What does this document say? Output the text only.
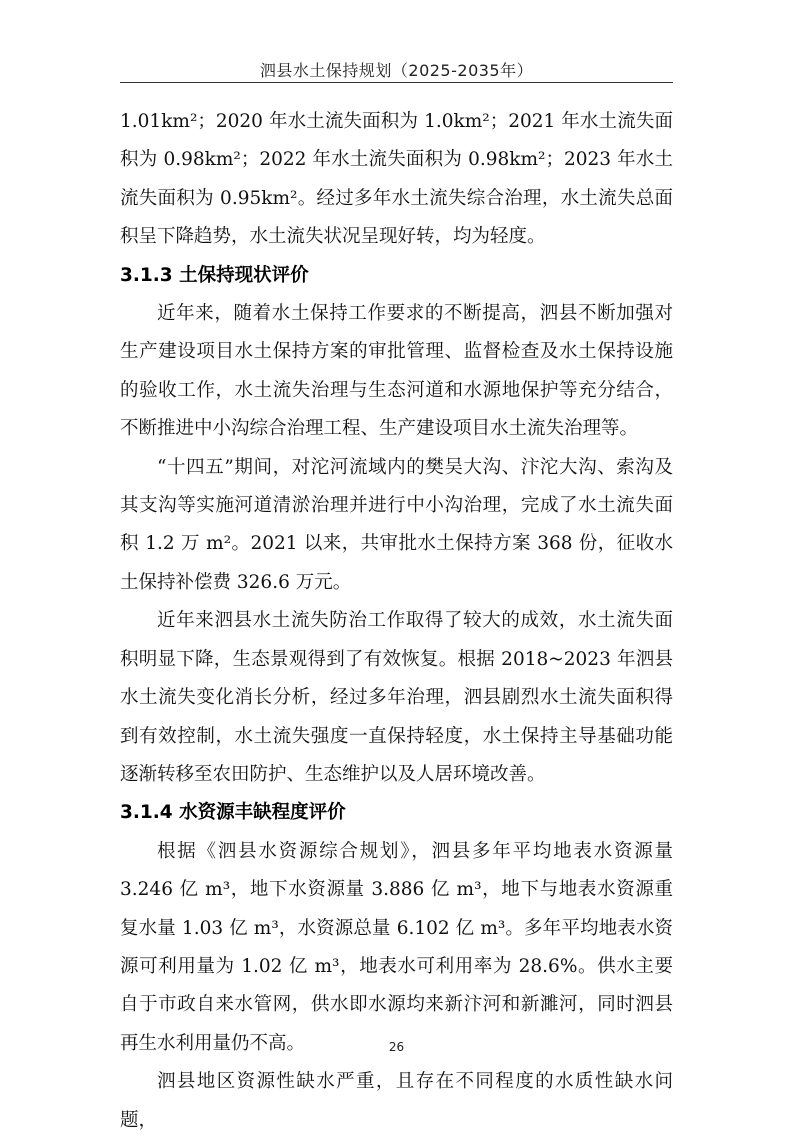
泗县水土保持规划（2025-2035年）

1.01km²；2020 年水土流失面积为 1.0km²；2021 年水土流失面积为 0.98km²；2022 年水土流失面积为 0.98km²；2023 年水土流失面积为 0.95km²。经过多年水土流失综合治理，水土流失总面积呈下降趋势，水土流失状况呈现好转，均为轻度。

3.1.3 土保持现状评价

近年来，随着水土保持工作要求的不断提高，泗县不断加强对生产建设项目水土保持方案的审批管理、监督检查及水土保持设施的验收工作，水土流失治理与生态河道和水源地保护等充分结合，不断推进中小沟综合治理工程、生产建设项目水土流失治理等。

“十四五”期间，对沱河流域内的樊吴大沟、汴沱大沟、索沟及其支沟等实施河道清淤治理并进行中小沟治理，完成了水土流失面积 1.2 万 m²。2021 以来，共审批水土保持方案 368 份，征收水土保持补偿费 326.6 万元。

近年来泗县水土流失防治工作取得了较大的成效，水土流失面积明显下降，生态景观得到了有效恢复。根据 2018~2023 年泗县水土流失变化消长分析，经过多年治理，泗县剧烈水土流失面积得到有效控制，水土流失强度一直保持轻度，水土保持主导基础功能逐渐转移至农田防护、生态维护以及人居环境改善。

3.1.4 水资源丰缺程度评价

根据《泗县水资源综合规划》，泗县多年平均地表水资源量 3.246 亿 m³，地下水资源量 3.886 亿 m³，地下与地表水资源重复水量 1.03 亿 m³，水资源总量 6.102 亿 m³。多年平均地表水资源可利用量为 1.02 亿 m³，地表水可利用率为 28.6%。供水主要自于市政自来水管网，供水即水源均来新汴河和新濉河，同时泗县再生水利用量仍不高。

泗县地区资源性缺水严重，且存在不同程度的水质性缺水问题，

26
